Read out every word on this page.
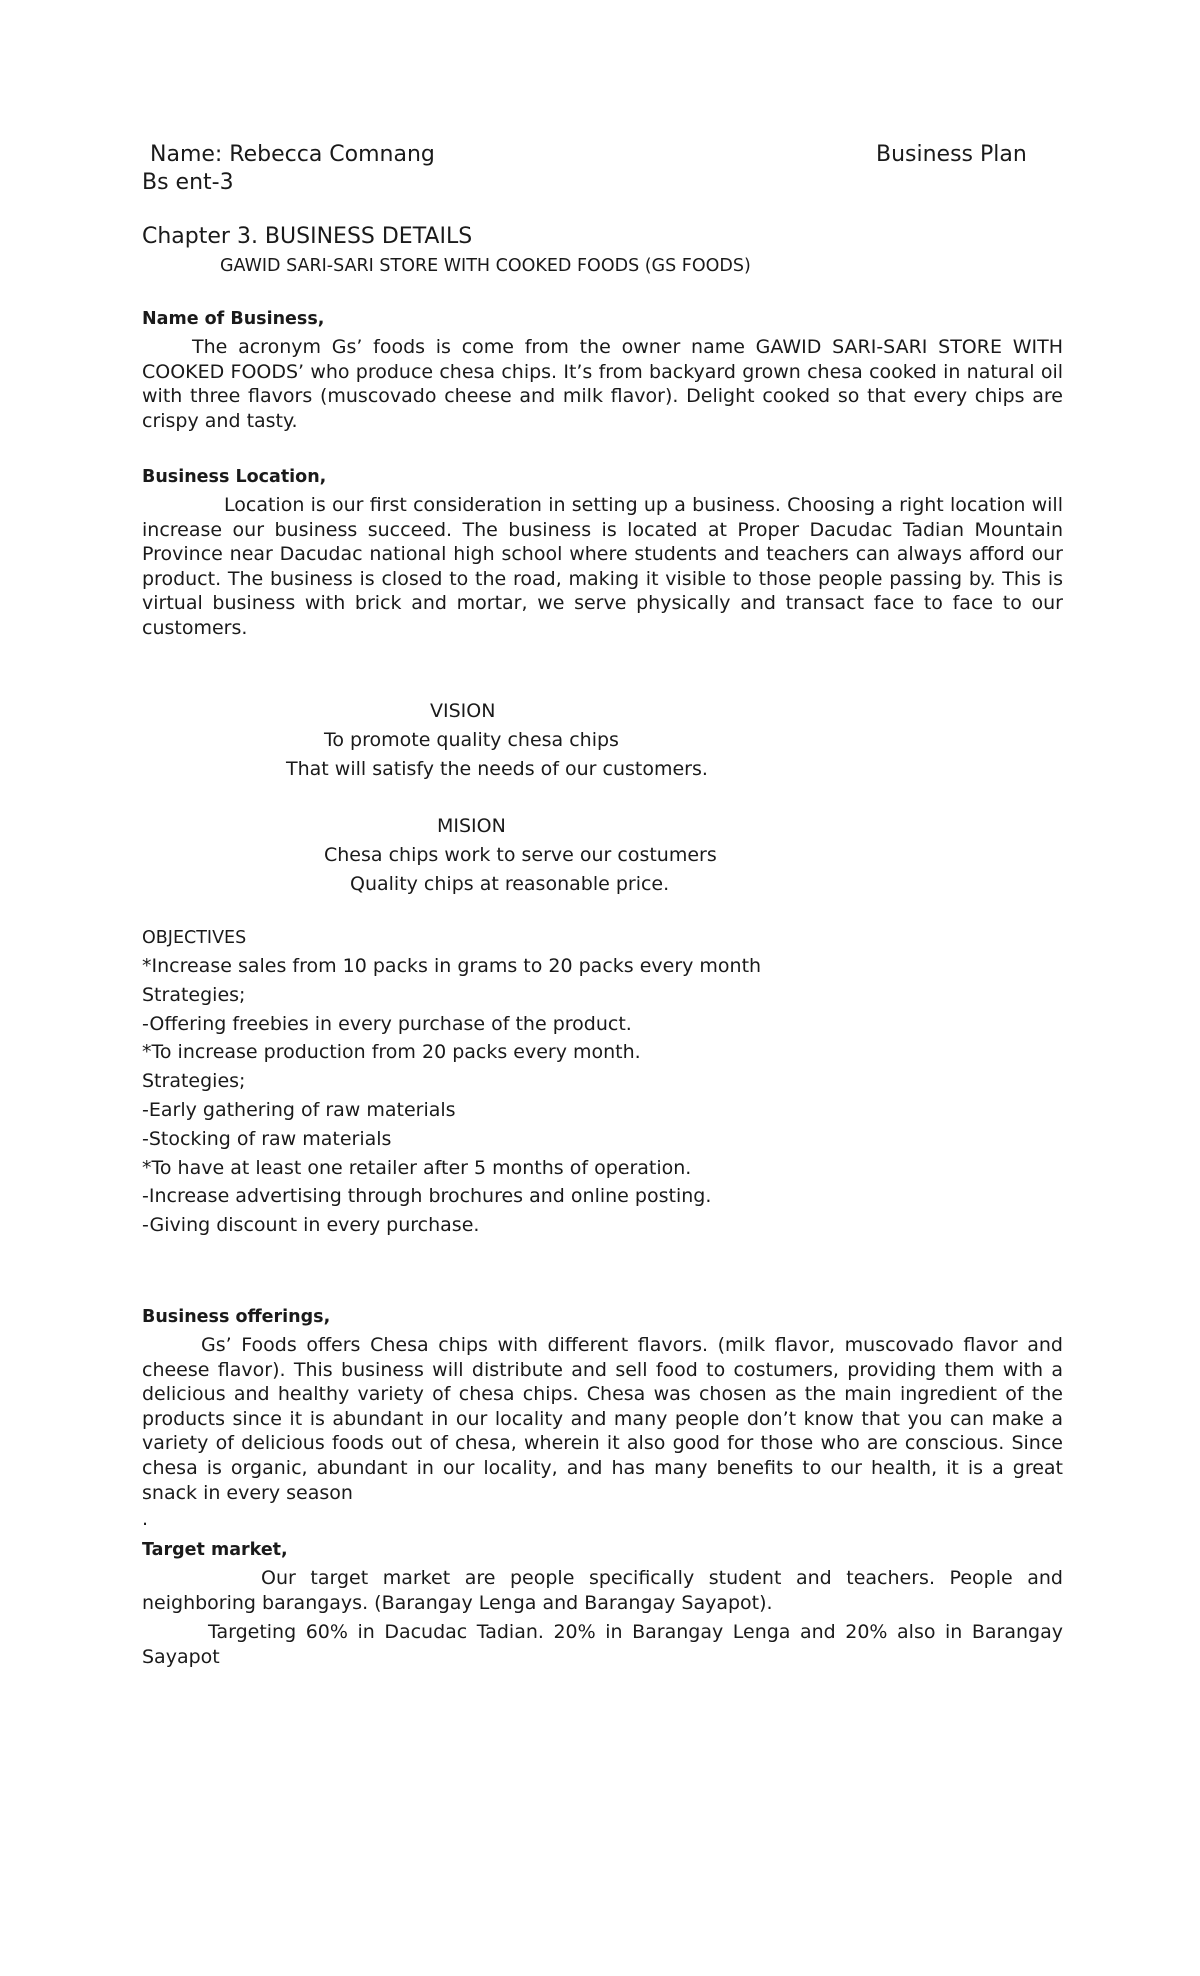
Name: Rebecca Comnang	Business Plan
Bs ent-3
Chapter 3. BUSINESS DETAILS
GAWID SARI-SARI STORE WITH COOKED FOODS (GS FOODS)
Name of Business,
The acronym Gs’ foods is come from the owner name GAWID SARI-SARI STORE WITH COOKED FOODS’ who produce chesa chips. It’s from backyard grown chesa cooked in natural oil with three flavors (muscovado cheese and milk flavor). Delight cooked so that every chips are crispy and tasty.
Business Location,
Location is our first consideration in setting up a business. Choosing a right location will increase our business succeed. The business is located at Proper Dacudac Tadian Mountain Province near Dacudac national high school where students and teachers can always afford our product. The business is closed to the road, making it visible to those people passing by. This is virtual business with brick and mortar, we serve physically and transact face to face to our customers.
VISION
To promote quality chesa chips
That will satisfy the needs of our customers.
MISION
Chesa chips work to serve our costumers
Quality chips at reasonable price.
OBJECTIVES
*Increase sales from 10 packs in grams to 20 packs every month
Strategies;
-Offering freebies in every purchase of the product.
*To increase production from 20 packs every month.
Strategies;
-Early gathering of raw materials
-Stocking of raw materials
*To have at least one retailer after 5 months of operation.
-Increase advertising through brochures and online posting.
-Giving discount in every purchase.
Business offerings,
Gs’ Foods offers Chesa chips with different flavors. (milk flavor, muscovado flavor and cheese flavor). This business will distribute and sell food to costumers, providing them with a delicious and healthy variety of chesa chips. Chesa was chosen as the main ingredient of the products since it is abundant in our locality and many people don’t know that you can make a variety of delicious foods out of chesa, wherein it also good for those who are conscious. Since chesa is organic, abundant in our locality, and has many benefits to our health, it is a great snack in every season
.
Target market,
Our target market are people specifically student and teachers. People and neighboring barangays. (Barangay Lenga and Barangay Sayapot).
Targeting 60% in Dacudac Tadian. 20% in Barangay Lenga and 20% also in Barangay Sayapot
